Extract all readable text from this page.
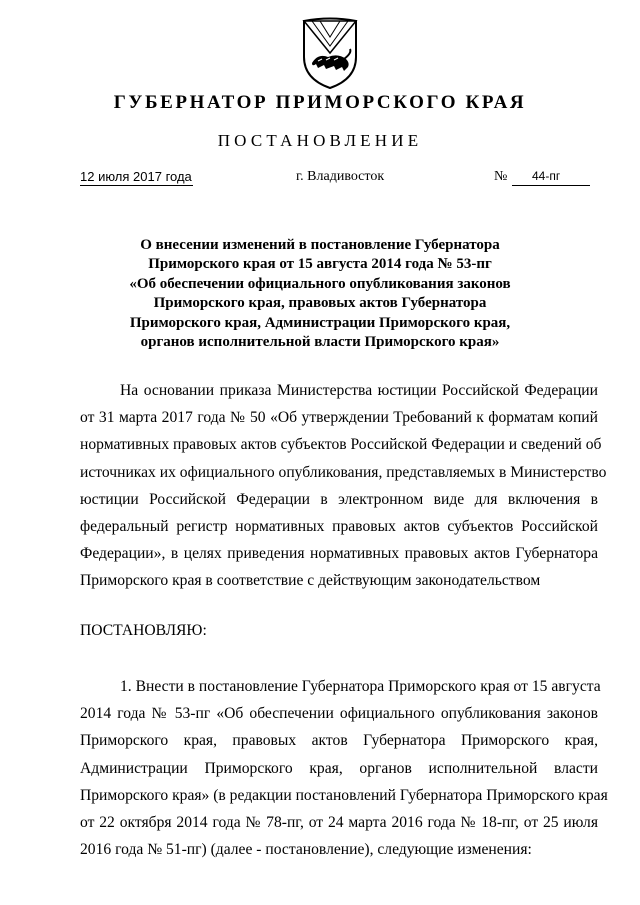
ГУБЕРНАТОР ПРИМОРСКОГО КРАЯ
ПОСТАНОВЛЕНИЕ
12 июля 2017 года	г. Владивосток	№	44-пг
О внесении изменений в постановление Губернатора
Приморского края от 15 августа 2014 года № 53-пг
«Об обеспечении официального опубликования законов
Приморского края, правовых актов Губернатора
Приморского края, Администрации Приморского края,
органов исполнительной власти Приморского края»
На основании приказа Министерства юстиции Российской Федерации
от 31 марта 2017 года № 50 «Об утверждении Требований к форматам копий
нормативных правовых актов субъектов Российской Федерации и сведений об
источниках их официального опубликования, представляемых в Министерство
юстиции Российской Федерации в электронном виде для включения в
федеральный регистр нормативных правовых актов субъектов Российской
Федерации», в целях приведения нормативных правовых актов Губернатора
Приморского края в соответствие с действующим законодательством
ПОСТАНОВЛЯЮ:
1. Внести в постановление Губернатора Приморского края от 15 августа
2014 года № 53-пг «Об обеспечении официального опубликования законов
Приморского края, правовых актов Губернатора Приморского края,
Администрации Приморского края, органов исполнительной власти
Приморского края» (в редакции постановлений Губернатора Приморского края
от 22 октября 2014 года № 78-пг, от 24 марта 2016 года № 18-пг, от 25 июля
2016 года № 51-пг) (далее - постановление), следующие изменения:
